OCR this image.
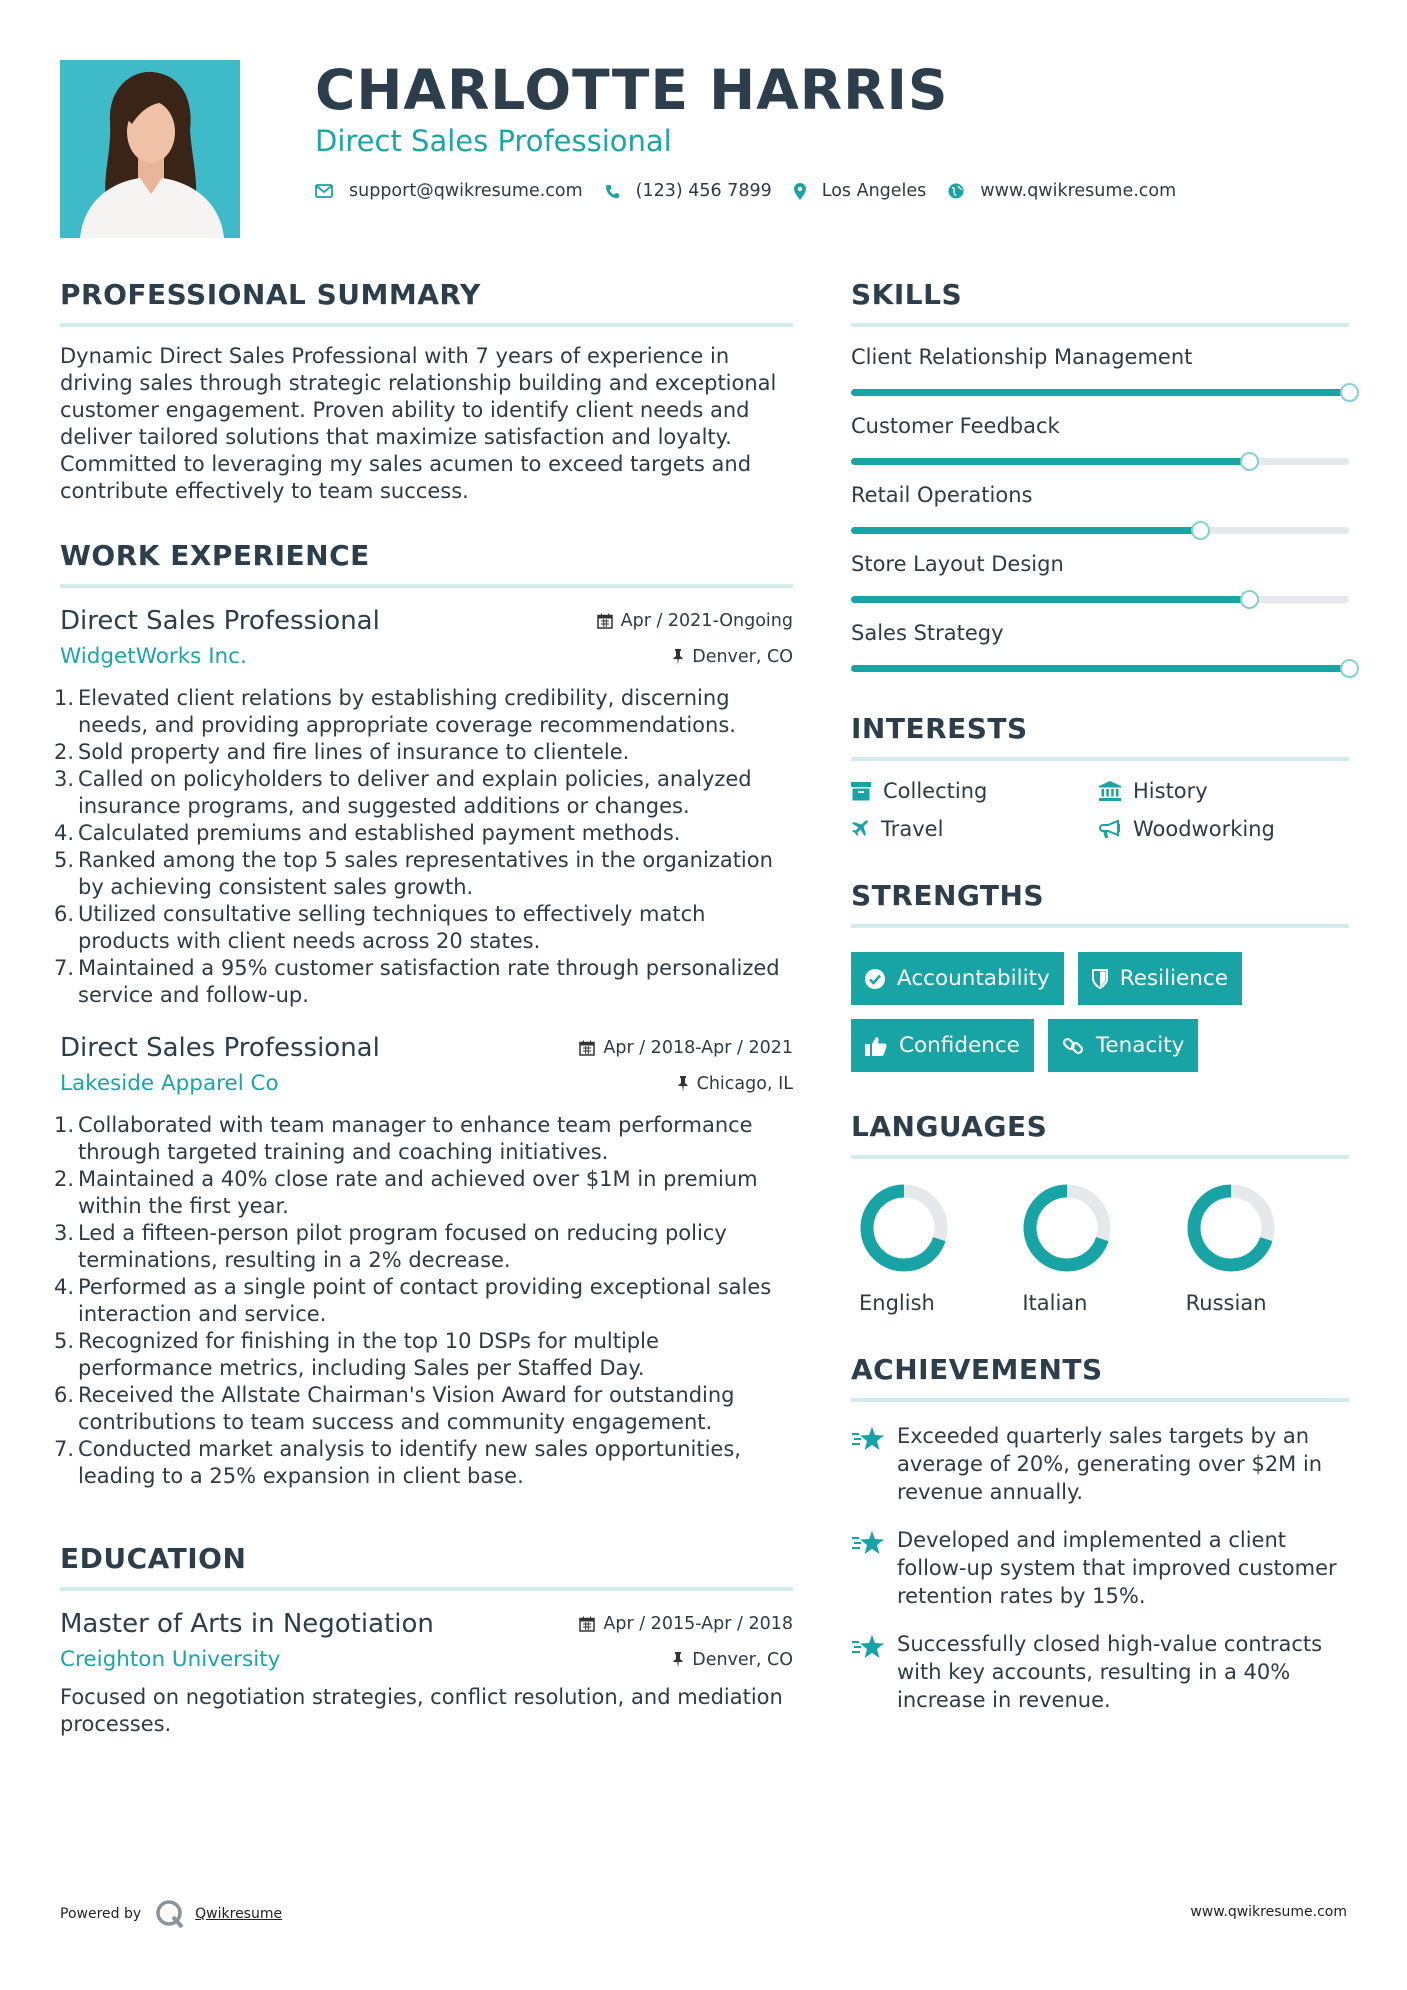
CHARLOTTE HARRIS
Direct Sales Professional
support@qwikresume.com	(123) 456 7899	Los Angeles	www.qwikresume.com
PROFESSIONAL SUMMARY

Dynamic Direct Sales Professional with 7 years of experience in driving sales through strategic relationship building and exceptional customer engagement. Proven ability to identify client needs and deliver tailored solutions that maximize satisfaction and loyalty. Committed to leveraging my sales acumen to exceed targets and contribute effectively to team success.

WORK EXPERIENCE
Direct Sales Professional	Apr / 2021-Ongoing
WidgetWorks Inc.	Denver, CO
1. Elevated client relations by establishing credibility, discerning needs, and providing appropriate coverage recommendations.
2. Sold property and fire lines of insurance to clientele.
3. Called on policyholders to deliver and explain policies, analyzed insurance programs, and suggested additions or changes.
4. Calculated premiums and established payment methods.
5. Ranked among the top 5 sales representatives in the organization by achieving consistent sales growth.
6. Utilized consultative selling techniques to effectively match products with client needs across 20 states.
7. Maintained a 95% customer satisfaction rate through personalized service and follow-up.
Direct Sales Professional	Apr / 2018-Apr / 2021
Lakeside Apparel Co	Chicago, IL
1. Collaborated with team manager to enhance team performance through targeted training and coaching initiatives.
2. Maintained a 40% close rate and achieved over $1M in premium within the first year.
3. Led a fifteen-person pilot program focused on reducing policy terminations, resulting in a 2% decrease.
4. Performed as a single point of contact providing exceptional sales interaction and service.
5. Recognized for finishing in the top 10 DSPs for multiple performance metrics, including Sales per Staffed Day.
6. Received the Allstate Chairman's Vision Award for outstanding contributions to team success and community engagement.
7. Conducted market analysis to identify new sales opportunities, leading to a 25% expansion in client base.
EDUCATION
Master of Arts in Negotiation	Apr / 2015-Apr / 2018
Creighton University	Denver, CO

Focused on negotiation strategies, conflict resolution, and mediation processes.

SKILLS
Client Relationship Management
Customer Feedback
Retail Operations
Store Layout Design
Sales Strategy
INTERESTS
Collecting	History
Travel	Woodworking
STRENGTHS
Accountability	Resilience
Confidence	Tenacity
LANGUAGES
English	Italian	Russian
ACHIEVEMENTS
Exceeded quarterly sales targets by an average of 20%, generating over $2M in revenue annually.
Developed and implemented a client follow-up system that improved customer retention rates by 15%.
Successfully closed high-value contracts with key accounts, resulting in a 40% increase in revenue.
Powered by	Qwikresume	www.qwikresume.com
